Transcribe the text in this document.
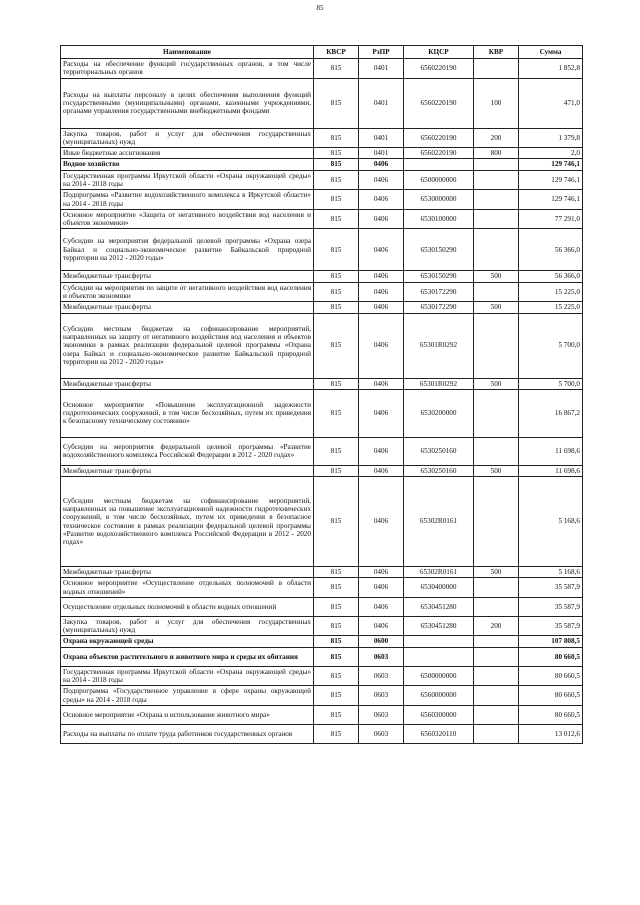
85
Наименование	КВСР	РзПР	КЦСР	КВР	Сумма
Расходы на обеспечение функций государственных органов, в том числе территориальных органов	815	0401	6560220190		1 852,8
Расходы на выплаты персоналу в целях обеспечения выполнения функций государственными (муниципальными) органами, казенными учреждениями, органами управления государственными внебюджетными фондами	815	0401	6560220190	100	471,0
Закупка товаров, работ и услуг для обеспечения государственных (муниципальных) нужд	815	0401	6560220190	200	1 379,8
Иные бюджетные ассигнования	815	0401	6560220190	800	2,0
Водное хозяйство	815	0406			129 746,1
Государственная программа Иркутской области «Охрана окружающей среды» на 2014 - 2018 годы	815	0406	6500000000		129 746,1
Подпрограмма «Развитие водохозяйственного комплекса в Иркутской области» на 2014 - 2018 годы	815	0406	6530000000		129 746,1
Основное мероприятие «Защита от негативного воздействия вод населения и объектов экономики»	815	0406	6530100000		77 291,0
Субсидии на мероприятия федеральной целевой программы «Охрана озера Байкал и социально-экономическое развитие Байкальской природной территории на 2012 - 2020 годы»	815	0406	6530150290		56 366,0
Межбюджетные трансферты	815	0406	6530150290	500	56 366,0
Субсидии на мероприятия по защите от негативного воздействия вод населения и объектов экономики	815	0406	6530172290		15 225,0
Межбюджетные трансферты	815	0406	6530172290	500	15 225,0
Субсидии местным бюджетам на софинансирование мероприятий, направленных на защиту от негативного воздействия вод населения и объектов экономики в рамках реализации федеральной целевой программы «Охрана озера Байкал и социально-экономическое развитие Байкальской природной территории на 2012 - 2020 годы»	815	0406	65301R0292		5 700,0
Межбюджетные трансферты	815	0406	65301R0292	500	5 700,0
Основное мероприятие «Повышение эксплуатационной надежности гидротехнических сооружений, в том числе бесхозяйных, путем их приведения к безопасному техническому состоянию»	815	0406	6530200000		16 867,2
Субсидии на мероприятия федеральной целевой программы «Развитие водохозяйственного комплекса Российской Федерации в 2012 - 2020 годах»	815	0406	6530250160		11 698,6
Межбюджетные трансферты	815	0406	6530250160	500	11 698,6
Субсидии местным бюджетам на софинансирование мероприятий, направленных на повышение эксплуатационной надежности гидротехнических сооружений, в том числе бесхозяйных, путем их приведения в безопасное техническое состояние в рамках реализации федеральной целевой программы «Развитие водохозяйственного комплекса Российской Федерации в 2012 - 2020 годах»	815	0406	65302R0161		5 168,6
Межбюджетные трансферты	815	0406	65302R0161	500	5 168,6
Основное мероприятие «Осуществление отдельных полномочий в области водных отношений»	815	0406	6530400000		35 587,9
Осуществление отдельных полномочий в области водных отношений	815	0406	6530451280		35 587,9
Закупка товаров, работ и услуг для обеспечения государственных (муниципальных) нужд	815	0406	6530451280	200	35 587,9
Охрана окружающей среды	815	0600			107 808,5
Охрана объектов растительного и животного мира и среды их обитания	815	0603			80 660,5
Государственная программа Иркутской области «Охрана окружающей среды» на 2014 - 2018 годы	815	0603	6500000000		80 660,5
Подпрограмма «Государственное управление в сфере охраны окружающей среды» на 2014 - 2018 годы	815	0603	6560000000		80 660,5
Основное мероприятие «Охрана и использование животного мира»	815	0603	6560300000		80 660,5
Расходы на выплаты по оплате труда работников государственных органов	815	0603	6560320110		13 012,6
